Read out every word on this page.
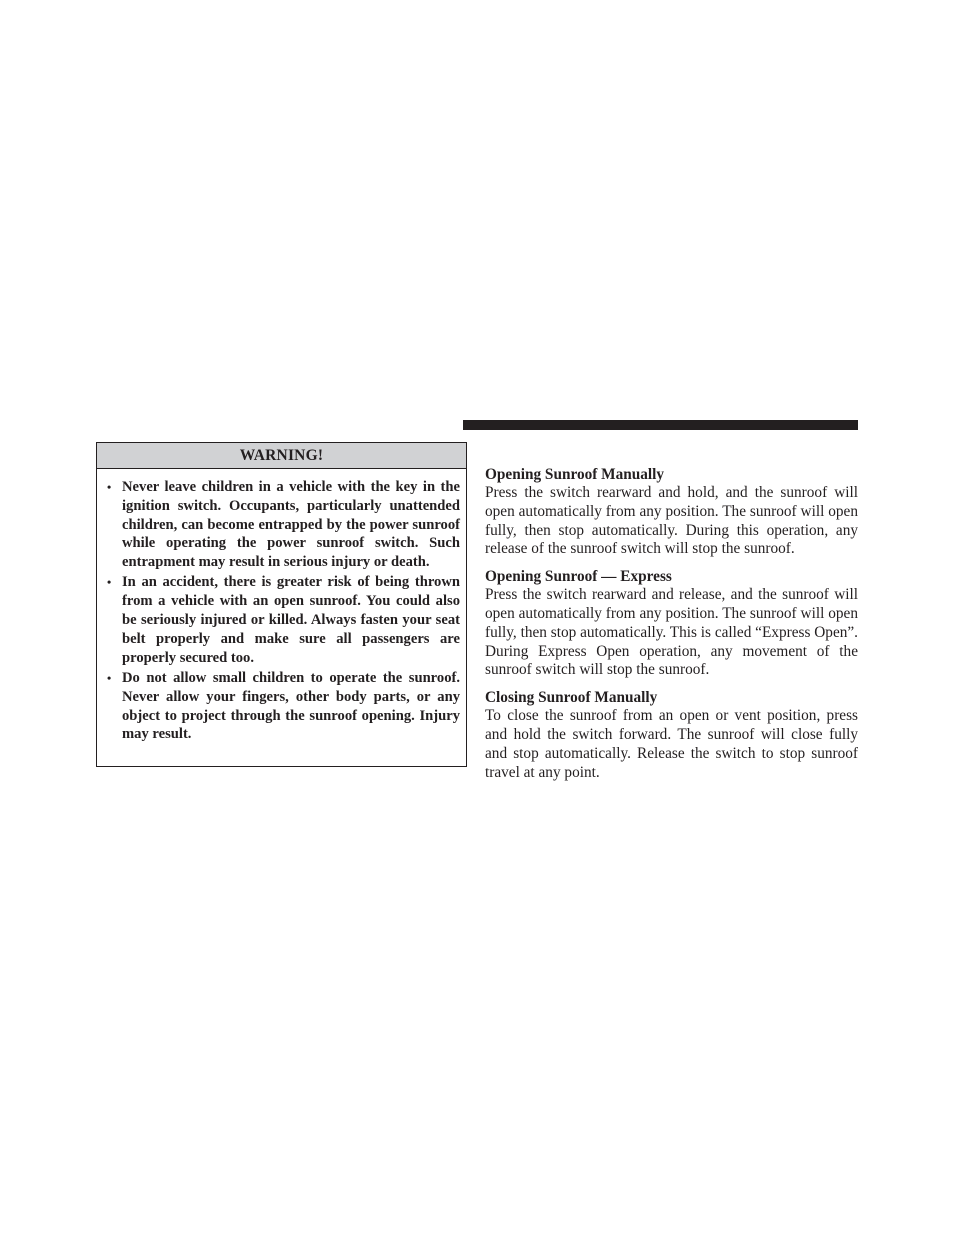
WARNING!
• Never leave children in a vehicle with the key in the ignition switch. Occupants, particularly unattended children, can become entrapped by the power sunroof while operating the power sunroof switch. Such entrapment may result in serious injury or death.
• In an accident, there is greater risk of being thrown from a vehicle with an open sunroof. You could also be seriously injured or killed. Always fasten your seat belt properly and make sure all passengers are properly secured too.
• Do not allow small children to operate the sunroof. Never allow your fingers, other body parts, or any object to project through the sunroof opening. Injury may result.

Opening Sunroof Manually

Press the switch rearward and hold, and the sunroof will open automatically from any position. The sunroof will open fully, then stop automatically. During this operation, any release of the sunroof switch will stop the sunroof.

Opening Sunroof — Express

Press the switch rearward and release, and the sunroof will open automatically from any position. The sunroof will open fully, then stop automatically. This is called “Express Open”. During Express Open operation, any movement of the sunroof switch will stop the sunroof.

Closing Sunroof Manually

To close the sunroof from an open or vent position, press and hold the switch forward. The sunroof will close fully and stop automatically. Release the switch to stop sunroof travel at any point.
